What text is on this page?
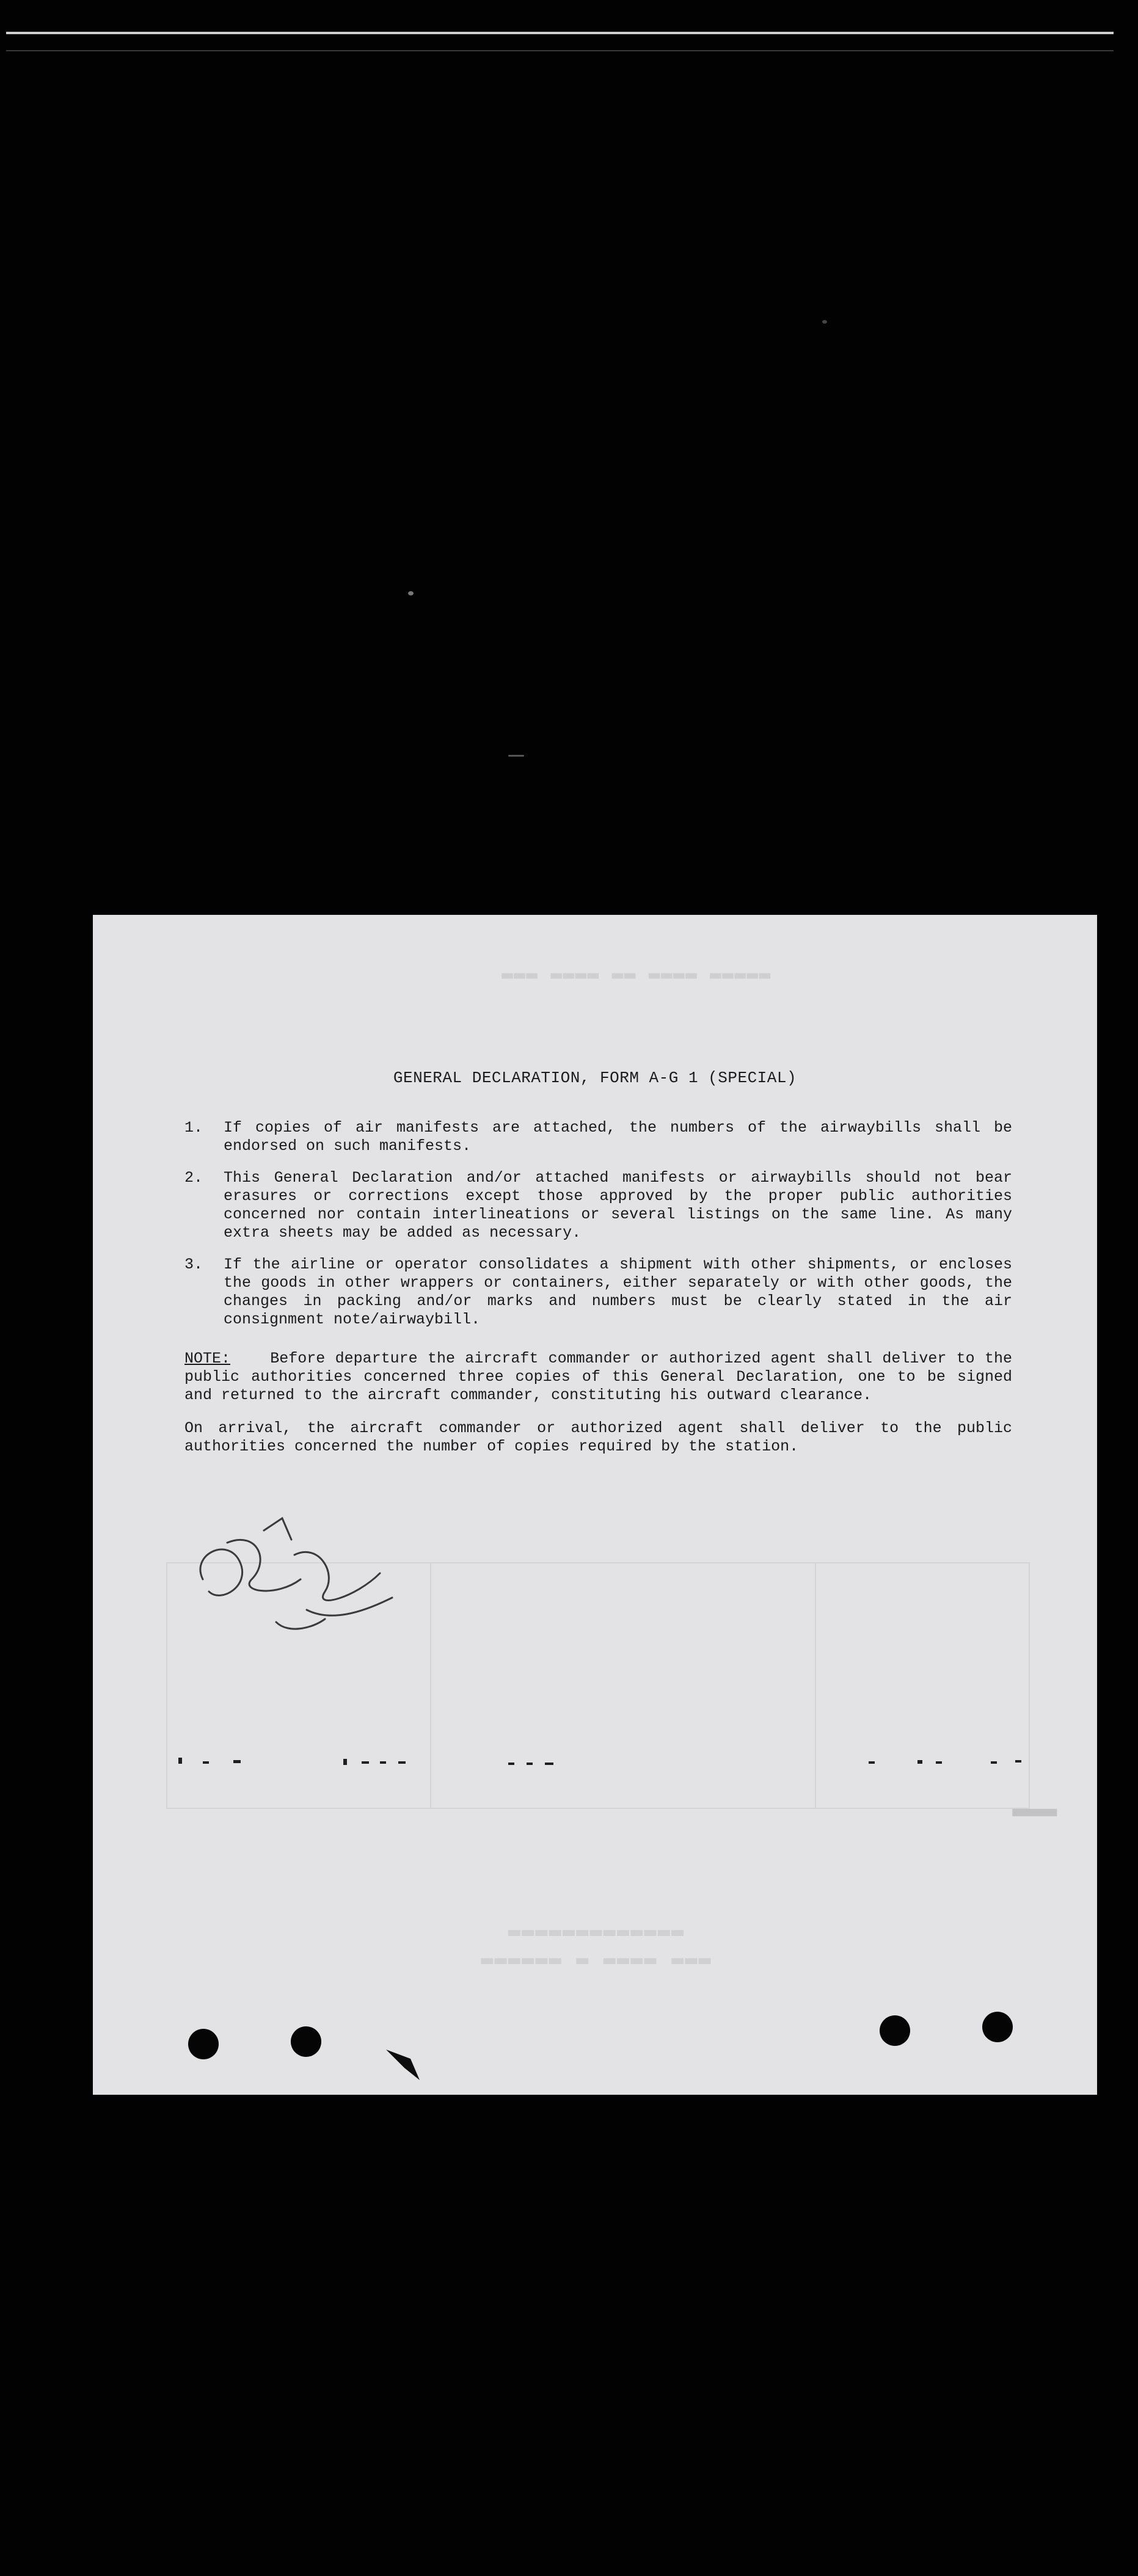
▂▂▂ ▂▂▂▂ ▂▂ ▂▂▂▂ ▂▂▂▂▂
▂▂▂
▂▂▂▂▂▂▂▂▂▂▂▂▂
▂▂▂▂▂▂ ▂ ▂▂▂▂ ▂▂▂
GENERAL DECLARATION, FORM A-G 1 (SPECIAL)
1.	If copies of air manifests are attached, the numbers of the airwaybills shall be endorsed on such manifests.
2.	This General Declaration and/or attached manifests or airwaybills should not bear erasures or corrections except those approved by the proper public authorities concerned nor contain interlineations or several listings on the same line. As many extra sheets may be added as necessary.
3.	If the airline or operator consolidates a shipment with other shipments, or encloses the goods in other wrappers or containers, either separately or with other goods, the changes in packing and/or marks and numbers must be clearly stated in the air consignment note/airwaybill.
NOTE:	Before departure the aircraft commander or authorized agent shall deliver to the public authorities concerned three copies of this General Declaration, one to be signed and returned to the aircraft commander, constituting his outward clearance.
On arrival, the aircraft commander or authorized agent shall deliver to the public authorities concerned the number of copies required by the station.
